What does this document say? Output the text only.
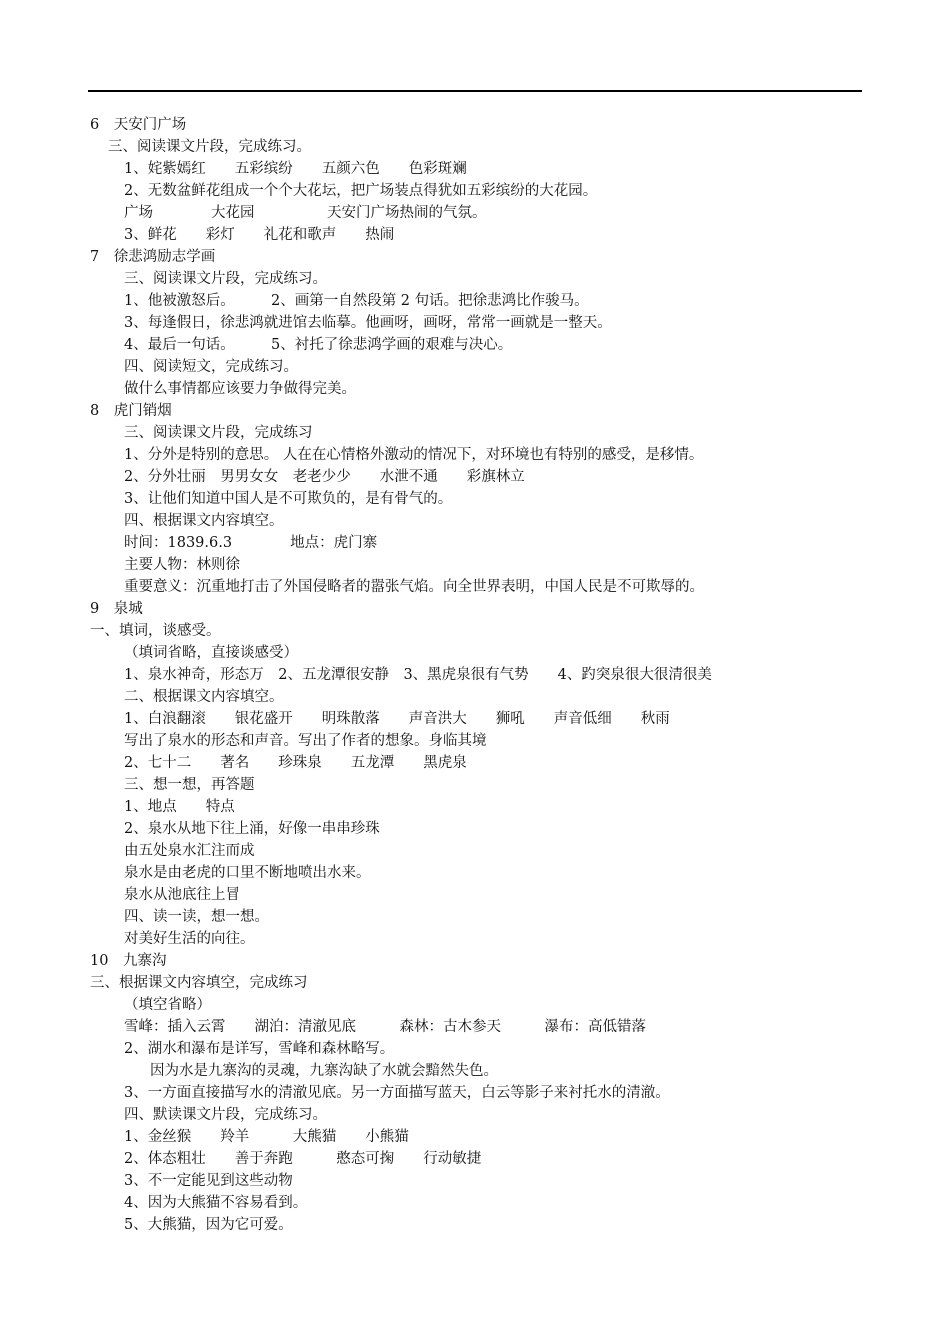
6　天安门广场
三、阅读课文片段，完成练习。
1、姹紫嫣红　　五彩缤纷　　五颜六色　　色彩斑斓
2、无数盆鲜花组成一个个大花坛，把广场装点得犹如五彩缤纷的大花园。
广场　　　　大花园　　　　　天安门广场热闹的气氛。
3、鲜花　　彩灯　　礼花和歌声　　热闹
7　徐悲鸿励志学画
三、阅读课文片段，完成练习。
1、他被激怒后。　　　2、画第一自然段第 2 句话。把徐悲鸿比作骏马。
3、每逢假日，徐悲鸿就进馆去临摹。他画呀，画呀，常常一画就是一整天。
4、最后一句话。　　　5、衬托了徐悲鸿学画的艰难与决心。
四、阅读短文，完成练习。
做什么事情都应该要力争做得完美。
8　虎门销烟
三、阅读课文片段，完成练习
1、分外是特别的意思。 人在在心情格外激动的情况下，对环境也有特别的感受，是移情。
2、分外壮丽　男男女女　老老少少　　水泄不通　　彩旗林立
3、让他们知道中国人是不可欺负的，是有骨气的。
四、根据课文内容填空。
时间：1839.6.3　　　　地点：虎门寨
主要人物：林则徐
重要意义：沉重地打击了外国侵略者的嚣张气焰。向全世界表明，中国人民是不可欺辱的。
9　泉城
一、填词，谈感受。
（填词省略，直接谈感受）
1、泉水神奇，形态万　2、五龙潭很安静　3、黑虎泉很有气势　　4、趵突泉很大很清很美
二、根据课文内容填空。
1、白浪翻滚　　银花盛开　　明珠散落　　声音洪大　　狮吼　　声音低细　　秋雨
写出了泉水的形态和声音。写出了作者的想象。身临其境
2、七十二　　著名　　珍珠泉　　五龙潭　　黑虎泉
三、想一想，再答题
1、地点　　特点
2、泉水从地下往上涌，好像一串串珍珠
由五处泉水汇注而成
泉水是由老虎的口里不断地喷出水来。
泉水从池底往上冒
四、读一读，想一想。
对美好生活的向往。
10　九寨沟
三、根据课文内容填空，完成练习
（填空省略）
雪峰：插入云霄　　湖泊：清澈见底　　　森林：古木参天　　　瀑布：高低错落
2、湖水和瀑布是详写，雪峰和森林略写。
因为水是九寨沟的灵魂，九寨沟缺了水就会黯然失色。
3、一方面直接描写水的清澈见底。另一方面描写蓝天，白云等影子来衬托水的清澈。
四、默读课文片段，完成练习。
1、金丝猴　　羚羊　　　大熊猫　　小熊猫
2、体态粗壮　　善于奔跑　　　憨态可掬　　行动敏捷
3、不一定能见到这些动物
4、因为大熊猫不容易看到。
5、大熊猫，因为它可爱。
